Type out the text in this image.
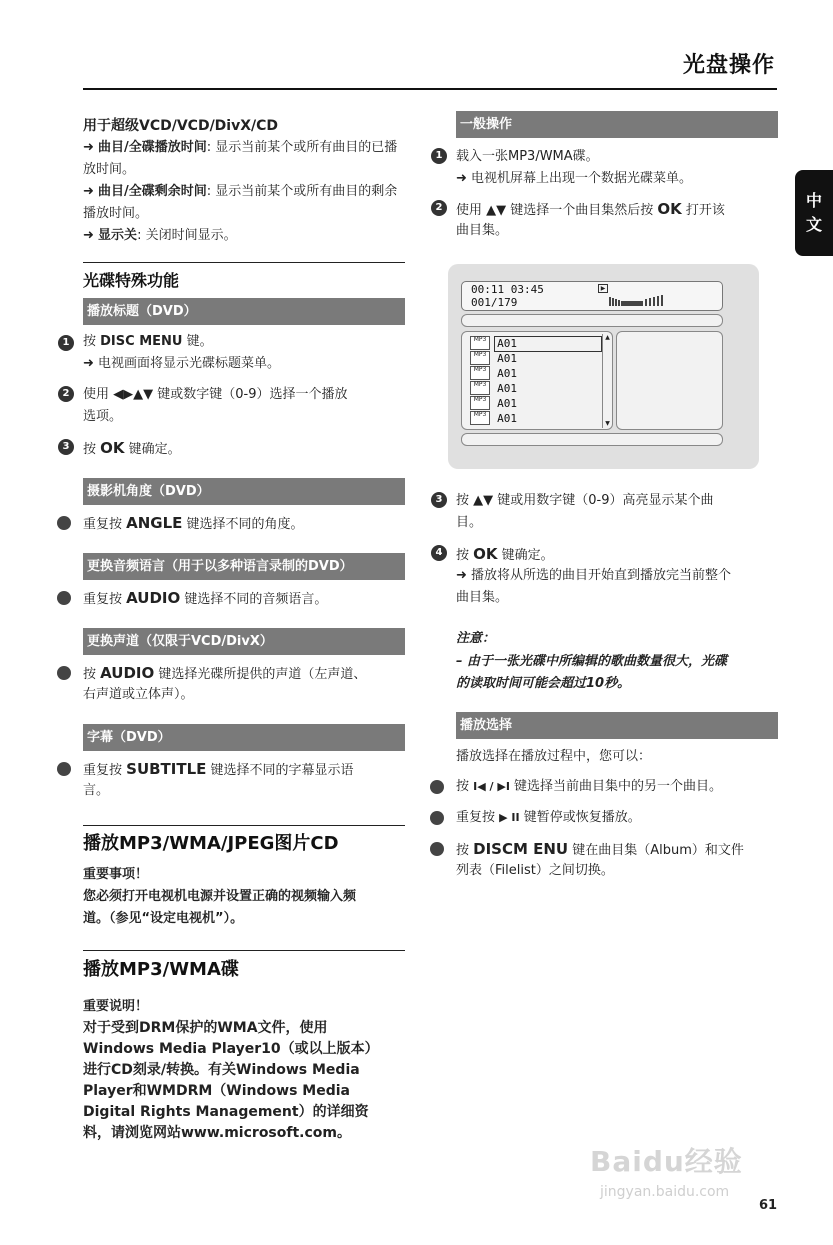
光盘操作
中
文
用于超级VCD/VCD/DivX/CD
➜ 曲目/全碟播放时间: 显示当前某个或所有曲目的已播放时间。
➜ 曲目/全碟剩余时间: 显示当前某个或所有曲目的剩余播放时间。
➜ 显示关: 关闭时间显示。
光碟特殊功能
播放标题（DVD）
1	按 DISC MENU 键。
➜ 电视画面将显示光碟标题菜单。
2	使用 ◀▶▲▼ 键或数字键（0-9）选择一个播放
选项。
3	按 OK 键确定。
摄影机角度（DVD）
重复按 ANGLE 键选择不同的角度。
更换音频语言（用于以多种语言录制的DVD）
重复按 AUDIO 键选择不同的音频语言。
更换声道（仅限于VCD/DivX）
按 AUDIO 键选择光碟所提供的声道（左声道、
右声道或立体声）。
字幕（DVD）
重复按 SUBTITLE 键选择不同的字幕显示语
言。
播放MP3/WMA/JPEG图片CD
重要事项！
您必须打开电视机电源并设置正确的视频输入频
道。（参见“设定电视机”）。
播放MP3/WMA碟
重要说明！
对于受到DRM保护的WMA文件，使用
Windows Media Player10（或以上版本）
进行CD刻录/转换。有关Windows Media
Player和WMDRM（Windows Media
Digital Rights Management）的详细资
料，请浏览网站www.microsoft.com。
一般操作
1	载入一张MP3/WMA碟。
➜ 电视机屏幕上出现一个数据光碟菜单。
2	使用 ▲▼ 键选择一个曲目集然后按 OK 打开该
曲目集。
00:11 03:45
001/179
▶
▲
▼
MP3 A01
MP3 A01
MP3 A01
MP3 A01
MP3 A01
MP3 A01
3	按 ▲▼ 键或用数字键（0-9）高亮显示某个曲
目。
4	按 OK 键确定。
➜ 播放将从所选的曲目开始直到播放完当前整个
曲目集。
注意：
– 由于一张光碟中所编辑的歌曲数量很大，光碟
的读取时间可能会超过10秒。
播放选择
播放选择在播放过程中，您可以：
按 I◀ / ▶I 键选择当前曲目集中的另一个曲目。
重复按 ▶ II 键暂停或恢复播放。
按 DISCM ENU 键在曲目集（Album）和文件
列表（Filelist）之间切换。
Baidu经验
jingyan.baidu.com
61
